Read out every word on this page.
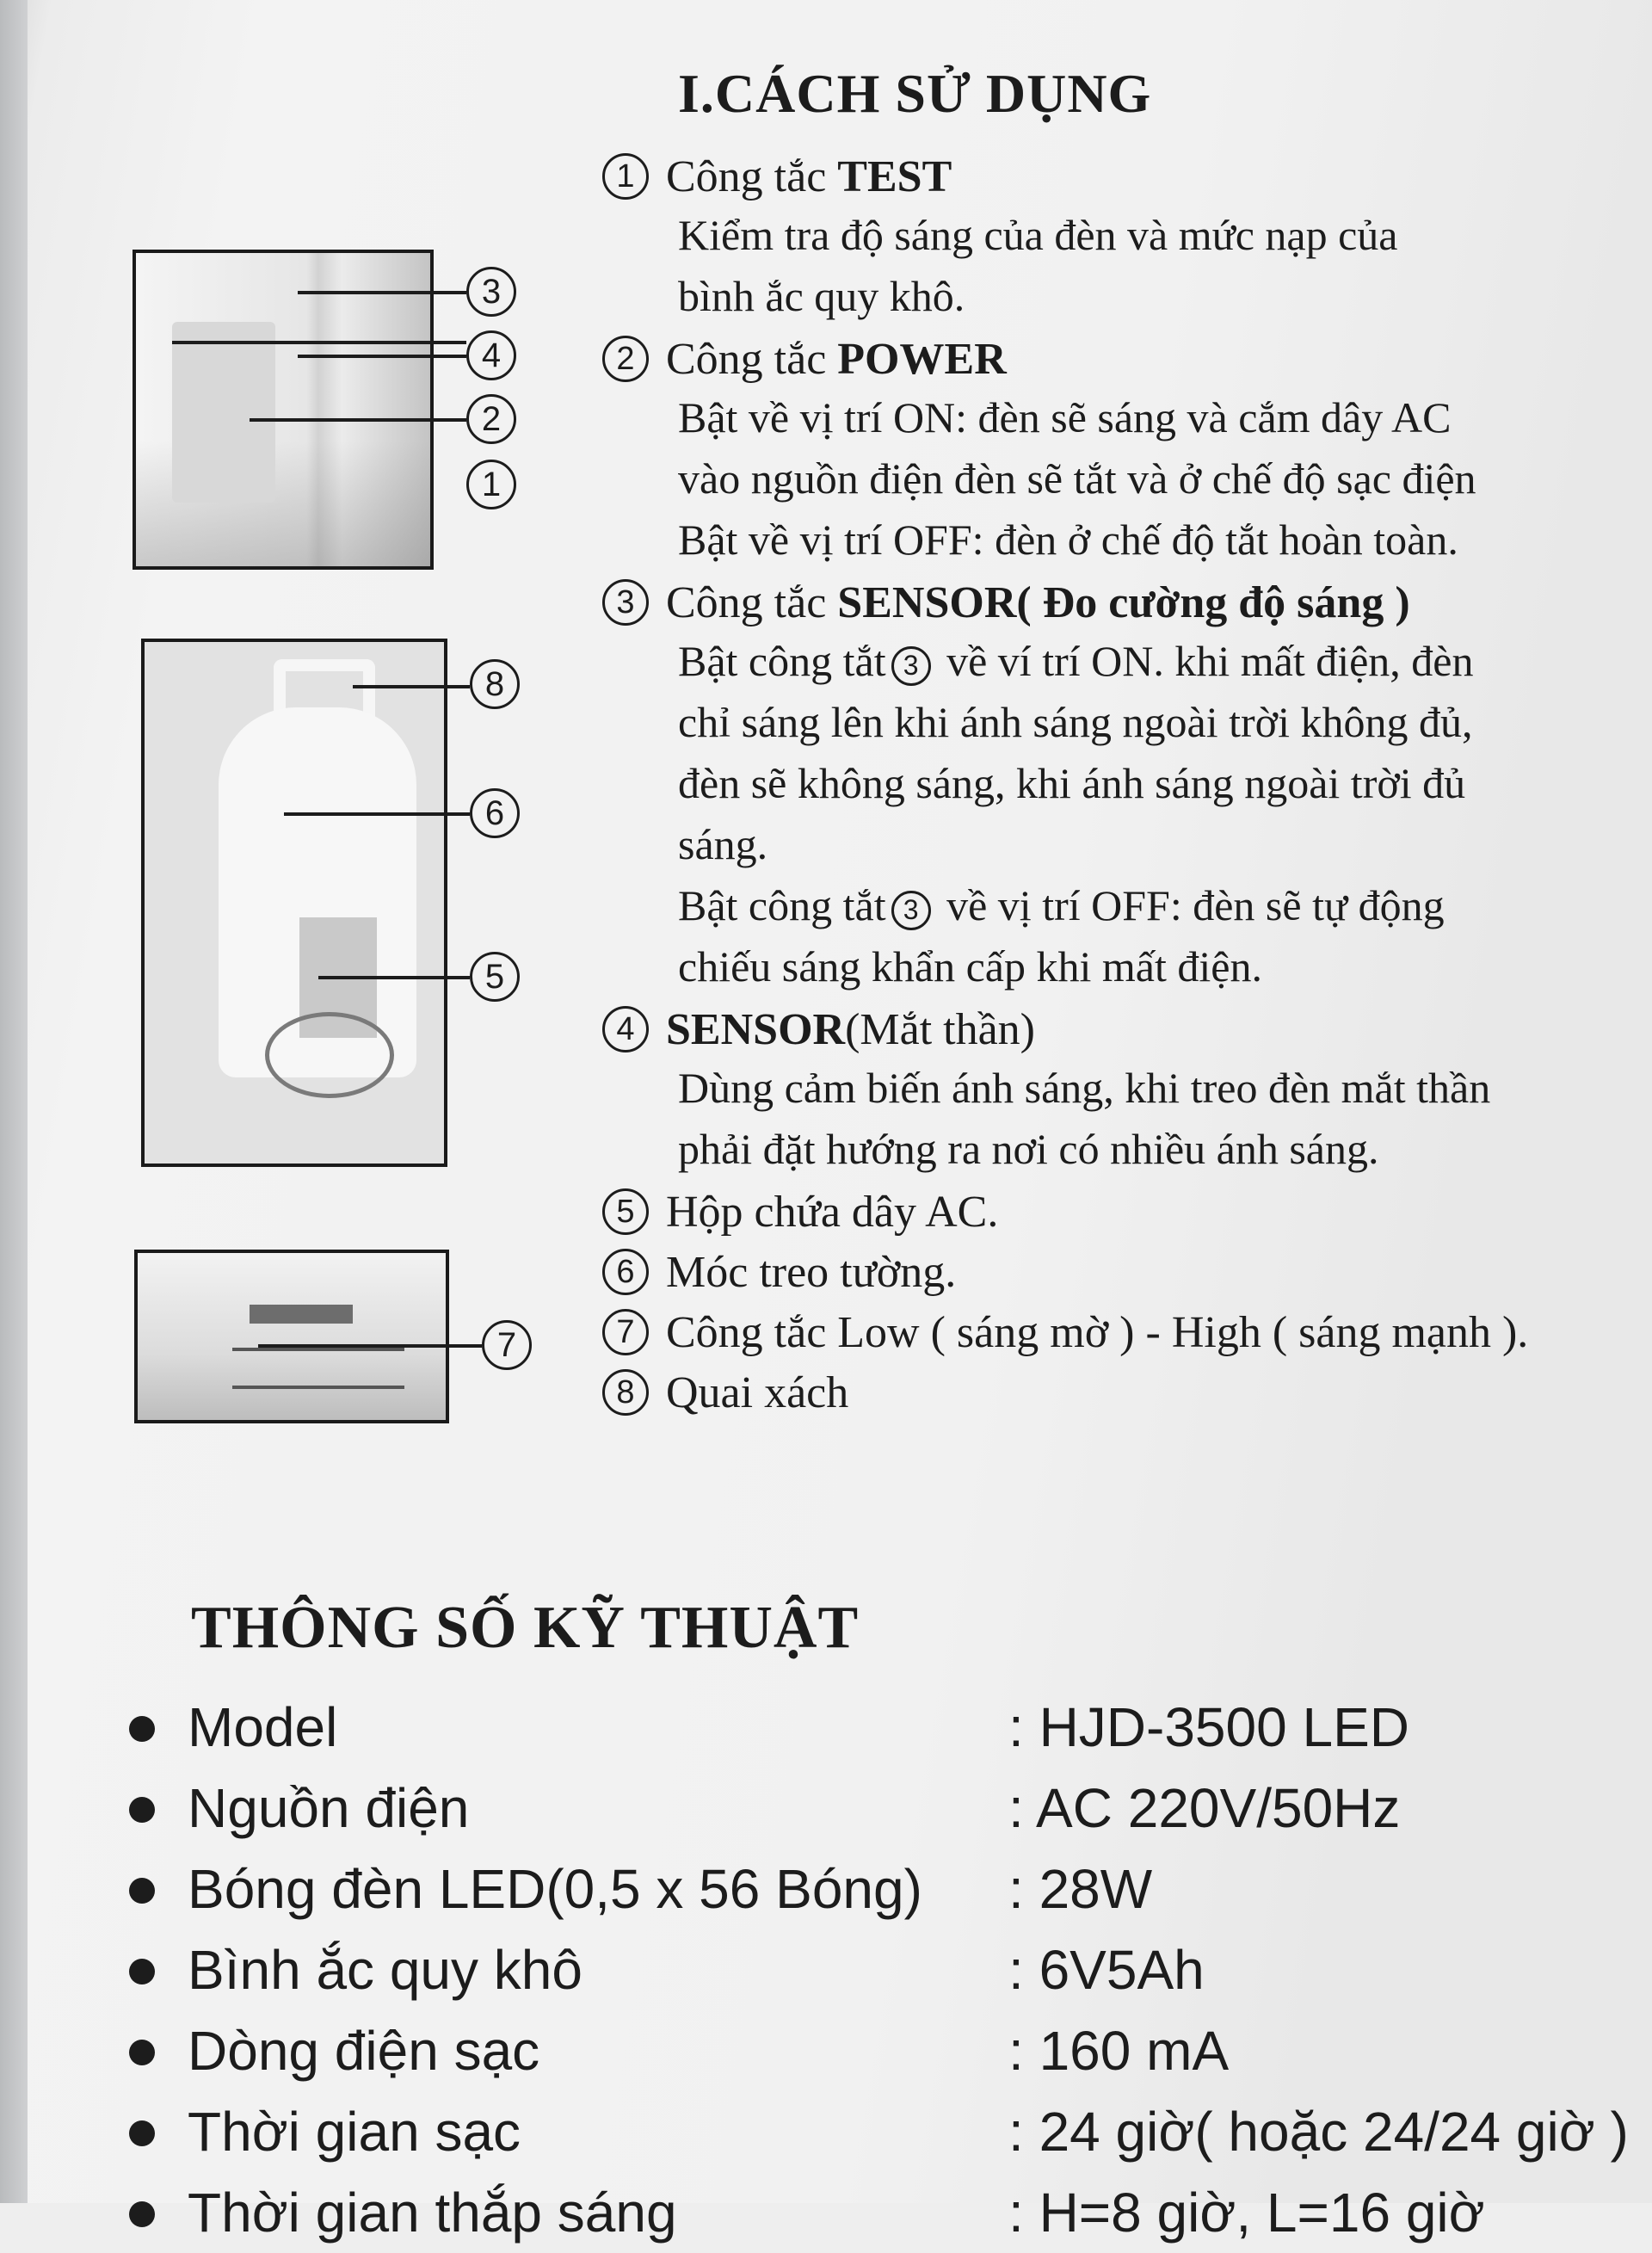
I.CÁCH SỬ DỤNG
1 Công tắc TEST

Kiểm tra độ sáng của đèn và mức nạp của
bình ắc quy khô.

2 Công tắc POWER

Bật về vị trí ON: đèn sẽ sáng và cắm dây AC
vào nguồn điện đèn sẽ tắt và ở chế độ sạc điện
Bật về vị trí OFF: đèn ở chế độ tắt hoàn toàn.

3 Công tắc SENSOR( Đo cường độ sáng )

Bật công tắt 3 về ví trí ON. khi mất điện, đèn
chỉ sáng lên khi ánh sáng ngoài trời không đủ,
đèn sẽ không sáng, khi ánh sáng ngoài trời đủ
sáng.
Bật công tắt 3 về vị trí OFF: đèn sẽ tự động
chiếu sáng khẩn cấp khi mất điện.

4 SENSOR (Mắt thần)

Dùng cảm biến ánh sáng, khi treo đèn mắt thần
phải đặt hướng ra nơi có nhiều ánh sáng.

5 Hộp chứa dây AC.
6 Móc treo tường.
7 Công tắc Low ( sáng mờ ) - High ( sáng mạnh ).
8 Quai xách
3
4
2
1
8
6
5
7
THÔNG SỐ KỸ THUẬT
Model	: HJD-3500 LED
Nguồn điện	: AC 220V/50Hz
Bóng đèn LED(0,5 x 56 Bóng) : 28W
Bình ắc quy khô	: 6V5Ah
Dòng điện sạc	: 160 mA
Thời gian sạc	: 24 giờ( hoặc 24/24 giờ )
Thời gian thắp sáng	: H=8 giờ, L=16 giờ
